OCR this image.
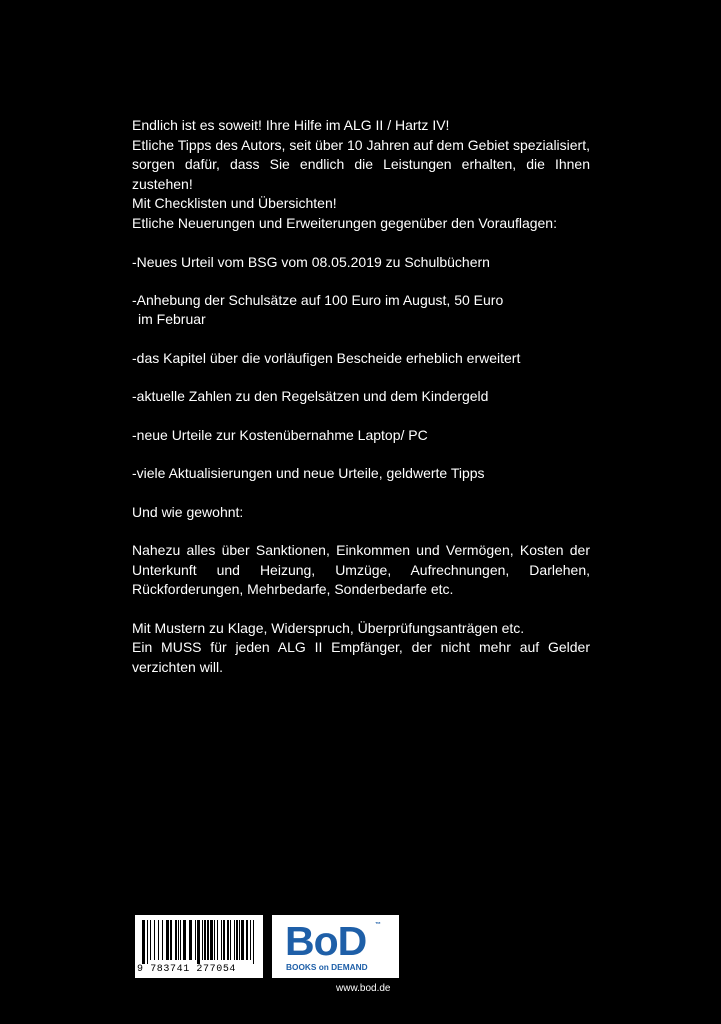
Endlich ist es soweit! Ihre Hilfe im ALG II / Hartz IV!

Etliche Tipps des Autors, seit über 10 Jahren auf dem Gebiet spezialisiert, sorgen dafür, dass Sie endlich die Leistungen erhalten, die Ihnen zustehen!

Mit Checklisten und Übersichten!

Etliche Neuerungen und Erweiterungen gegenüber den Vorauflagen:

-Neues Urteil vom BSG vom 08.05.2019 zu Schulbüchern

-Anhebung der Schulsätze auf 100 Euro im August, 50 Euro

im Februar

-das Kapitel über die vorläufigen Bescheide erheblich erweitert

-aktuelle Zahlen zu den Regelsätzen und dem Kindergeld

-neue Urteile zur Kostenübernahme Laptop/ PC

-viele Aktualisierungen und neue Urteile, geldwerte Tipps

Und wie gewohnt:

Nahezu alles über Sanktionen, Einkommen und Vermögen, Kosten der Unterkunft und Heizung, Umzüge, Aufrechnungen, Darlehen, Rückforderungen, Mehrbedarfe, Sonderbedarfe etc.

Mit Mustern zu Klage, Widerspruch, Überprüfungsanträgen etc.

Ein MUSS für jeden ALG II Empfänger, der nicht mehr auf Gelder verzichten will.

9 783741 277054
BoD ™
BOOKS on DEMAND
www.bod.de
